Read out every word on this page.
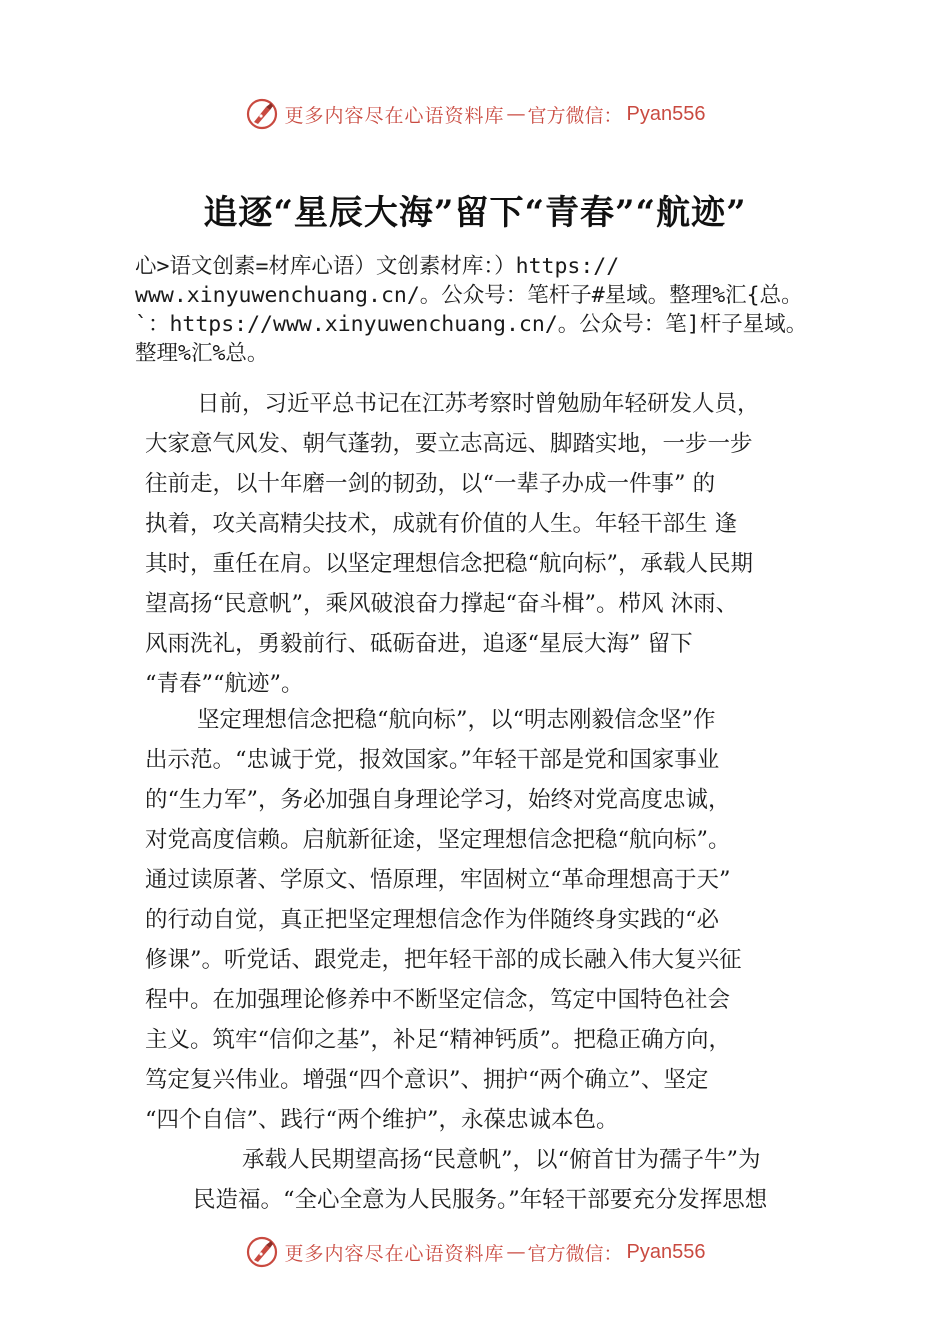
更多内容尽在心语资料库 — 官方微信： Pyan556
追逐“星辰大海”留下“青春”“航迹”
心>语文创素=材库心语）文创素材库：）https://
www.xinyuwenchuang.cn/。公众号：笔杆子#星域。整理%汇{总。
`：https://www.xinyuwenchuang.cn/。公众号：笔]杆子星域。
整理%汇%总。
日前，习近平总书记在江苏考察时曾勉励年轻研发人员，
大家意气风发、朝气蓬勃，要立志高远、脚踏实地，一步一步
往前走，以十年磨一剑的韧劲，以“一辈子办成一件事” 的
执着，攻关高精尖技术，成就有价值的人生。年轻干部生 逢
其时，重任在肩。以坚定理想信念把稳“航向标”，承载人民期
望高扬“民意帆”，乘风破浪奋力撑起“奋斗楫”。栉风 沐雨、
风雨洗礼，勇毅前行、砥砺奋进，追逐“星辰大海” 留下
“青春”“航迹”。
坚定理想信念把稳“航向标”，以“明志刚毅信念坚”作
出示范。“忠诚于党，报效国家。”年轻干部是党和国家事业
的“生力军”，务必加强自身理论学习，始终对党高度忠诚，
对党高度信赖。启航新征途，坚定理想信念把稳“航向标”。
通过读原著、学原文、悟原理，牢固树立“革命理想高于天”
的行动自觉，真正把坚定理想信念作为伴随终身实践的“必
修课”。听党话、跟党走，把年轻干部的成长融入伟大复兴征
程中。在加强理论修养中不断坚定信念，笃定中国特色社会
主义。筑牢“信仰之基”，补足“精神钙质”。把稳正确方向，
笃定复兴伟业。增强“四个意识”、拥护“两个确立”、坚定
“四个自信”、践行“两个维护”，永葆忠诚本色。
承载人民期望高扬“民意帆”，以“俯首甘为孺子牛”为
民造福。“全心全意为人民服务。”年轻干部要充分发挥思想
更多内容尽在心语资料库 — 官方微信： Pyan556
